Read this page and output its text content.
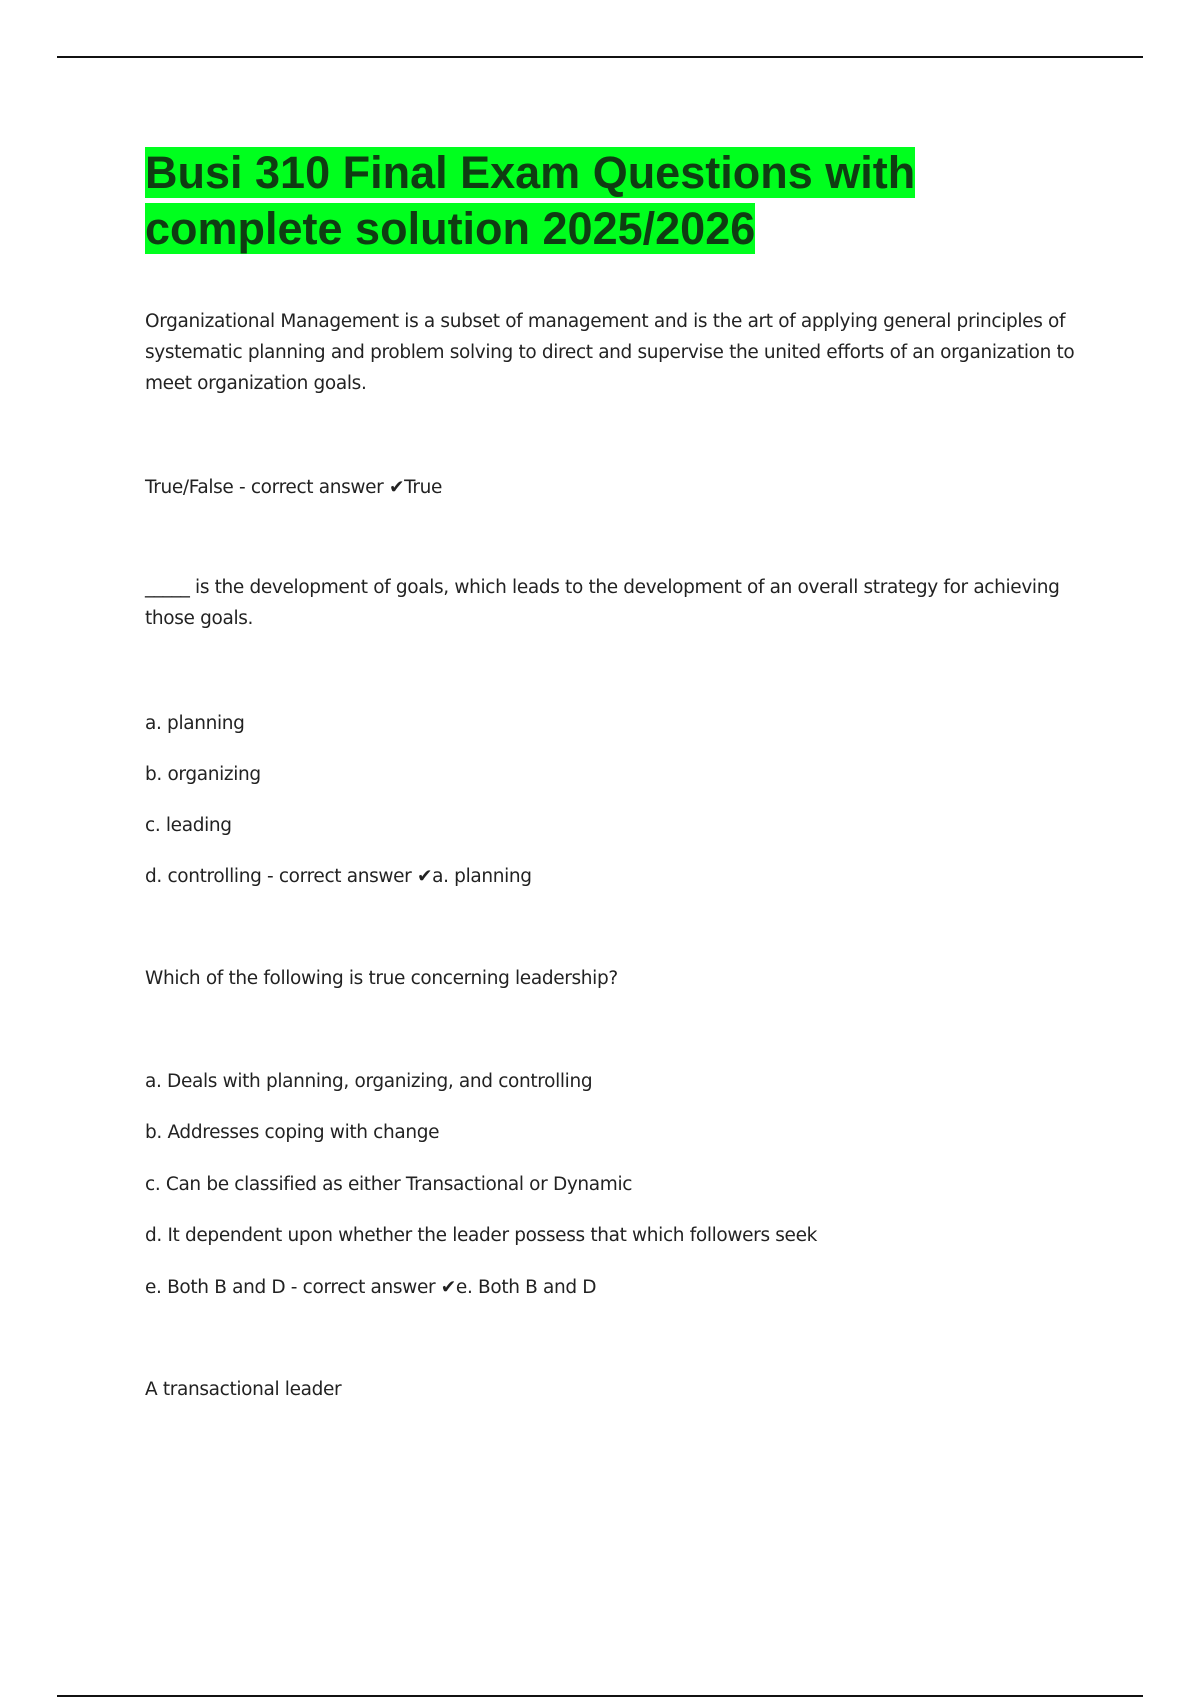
Busi 310 Final Exam Questions with complete solution 2025/2026

Organizational Management is a subset of management and is the art of applying general principles of systematic planning and problem solving to direct and supervise the united efforts of an organization to meet organization goals.

True/False - correct answer ✔True

_____ is the development of goals, which leads to the development of an overall strategy for achieving those goals.

a. planning

b. organizing

c. leading

d. controlling - correct answer ✔a. planning

Which of the following is true concerning leadership?

a. Deals with planning, organizing, and controlling

b. Addresses coping with change

c. Can be classified as either Transactional or Dynamic

d. It dependent upon whether the leader possess that which followers seek

e. Both B and D - correct answer ✔e. Both B and D

A transactional leader
